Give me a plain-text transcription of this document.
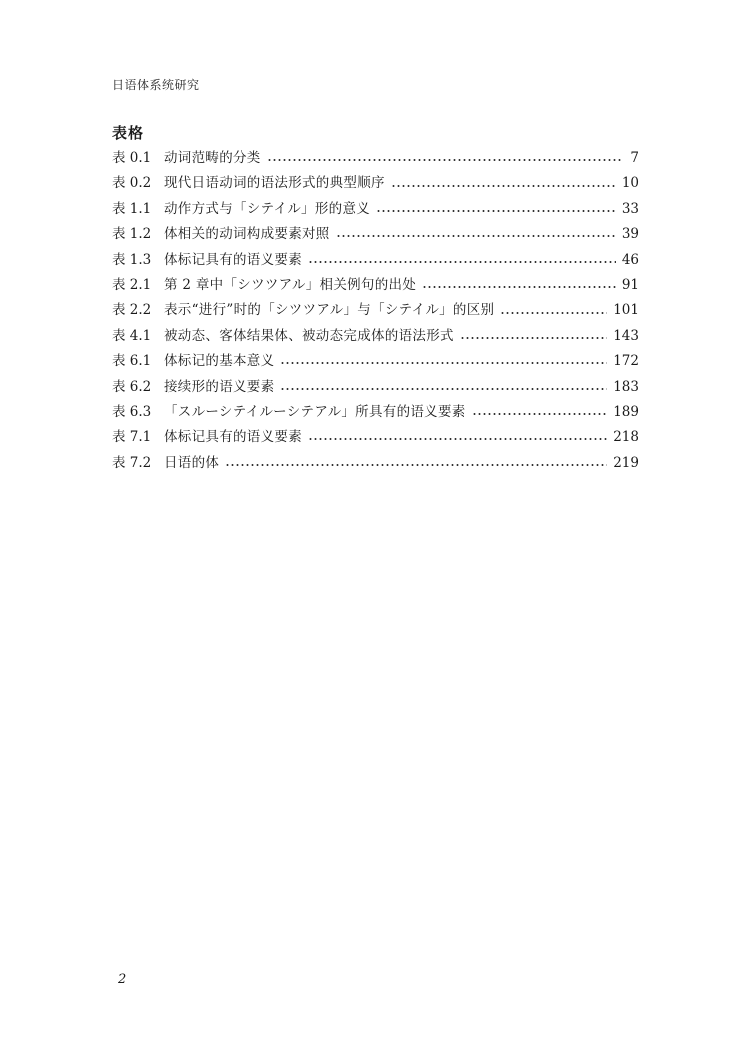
日语体系统研究
表格
表 0.1 动词范畴的分类	7
表 0.2 现代日语动词的语法形式的典型顺序	10
表 1.1 动作方式与「シテイル」形的意义	33
表 1.2 体相关的动词构成要素对照	39
表 1.3 体标记具有的语义要素	46
表 2.1 第 2 章中「シツツアル」相关例句的出处	91
表 2.2 表示“进行”时的「シツツアル」与「シテイル」的区别	101
表 4.1 被动态、客体结果体、被动态完成体的语法形式	143
表 6.1 体标记的基本意义	172
表 6.2 接续形的语义要素	183
表 6.3 「スルーシテイルーシテアル」所具有的语义要素	189
表 7.1 体标记具有的语义要素	218
表 7.2 日语的体	219
2
